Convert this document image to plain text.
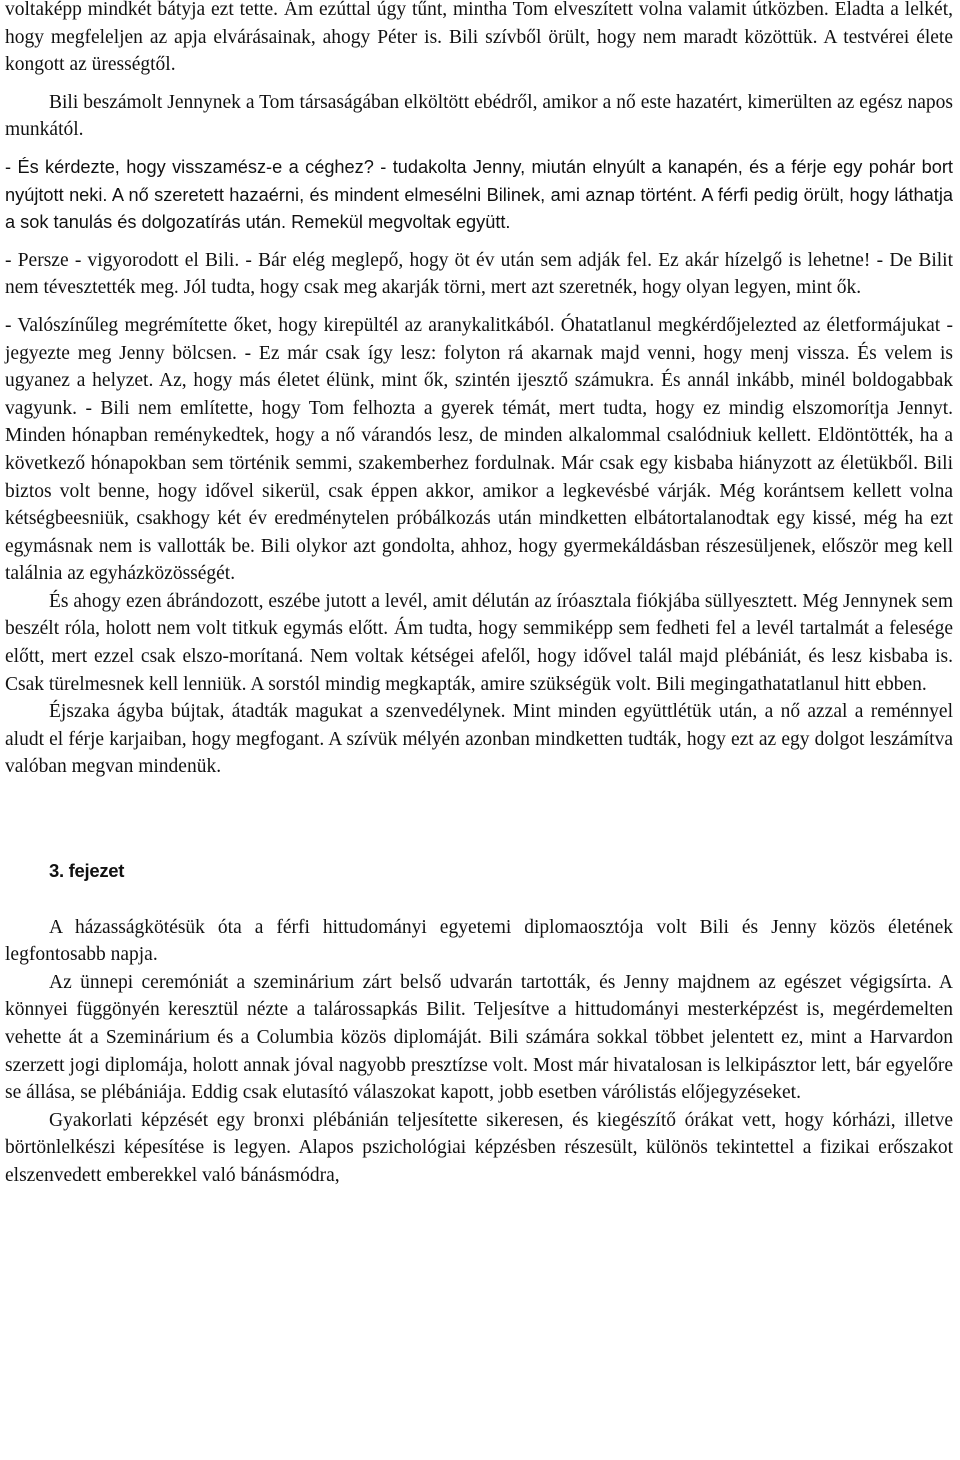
voltaképp mindkét bátyja ezt tette. Ám ezúttal úgy tűnt, mintha Tom elveszített volna valamit útközben. Eladta a lelkét, hogy megfeleljen az apja elvárásainak, ahogy Péter is. Bili szívből örült, hogy nem maradt közöttük. A testvérei élete kongott az ürességtől.

Bili beszámolt Jennynek a Tom társaságában elköltött ebédről, amikor a nő este hazatért, kimerülten az egész napos munkától.

- És kérdezte, hogy visszamész-e a céghez? - tudakolta Jenny, miután elnyúlt a kanapén, és a férje egy pohár bort nyújtott neki. A nő szeretett hazaérni, és mindent elmesélni Bilinek, ami aznap történt. A férfi pedig örült, hogy láthatja a sok tanulás és dolgozatírás után. Remekül megvoltak együtt.

- Persze - vigyorodott el Bili. - Bár elég meglepő, hogy öt év után sem adják fel. Ez akár hízelgő is lehetne! - De Bilit nem tévesztették meg. Jól tudta, hogy csak meg akarják törni, mert azt szeretnék, hogy olyan legyen, mint ők.

- Valószínűleg megrémítette őket, hogy kirepültél az aranykalitkából. Óhatatlanul megkérdőjelezted az életformájukat - jegyezte meg Jenny bölcsen. - Ez már csak így lesz: folyton rá akarnak majd venni, hogy menj vissza. És velem is ugyanez a helyzet. Az, hogy más életet élünk, mint ők, szintén ijesztő számukra. És annál inkább, minél boldogabbak vagyunk. - Bili nem említette, hogy Tom felhozta a gyerek témát, mert tudta, hogy ez mindig elszomorítja Jennyt. Minden hónapban reménykedtek, hogy a nő várandós lesz, de minden alkalommal csalódniuk kellett. Eldöntötték, ha a következő hónapokban sem történik semmi, szakemberhez fordulnak. Már csak egy kisbaba hiányzott az életükből. Bili biztos volt benne, hogy idővel sikerül, csak éppen akkor, amikor a legkevésbé várják. Még korántsem kellett volna kétségbeesniük, csakhogy két év eredménytelen próbálkozás után mindketten elbátortalanodtak egy kissé, még ha ezt egymásnak nem is vallották be. Bili olykor azt gondolta, ahhoz, hogy gyermekáldásban részesüljenek, először meg kell találnia az egyházközösségét.

És ahogy ezen ábrándozott, eszébe jutott a levél, amit délután az íróasztala fiókjába süllyesztett. Még Jennynek sem beszélt róla, holott nem volt titkuk egymás előtt. Ám tudta, hogy semmiképp sem fedheti fel a levél tartalmát a felesége előtt, mert ezzel csak elszo-morítaná. Nem voltak kétségei afelől, hogy idővel talál majd plébániát, és lesz kisbaba is. Csak türelmesnek kell lenniük. A sorstól mindig megkapták, amire szükségük volt. Bili megingathatatlanul hitt ebben.

Éjszaka ágyba bújtak, átadták magukat a szenvedélynek. Mint minden együttlétük után, a nő azzal a reménnyel aludt el férje karjaiban, hogy megfogant. A szívük mélyén azonban mindketten tudták, hogy ezt az egy dolgot leszámítva valóban megvan mindenük.

3. fejezet

A házasságkötésük óta a férfi hittudományi egyetemi diplomaosztója volt Bili és Jenny közös életének legfontosabb napja.

Az ünnepi ceremóniát a szeminárium zárt belső udvarán tartották, és Jenny majdnem az egészet végigsírta. A könnyei függönyén keresztül nézte a talárossapkás Bilit. Teljesítve a hittudományi mesterképzést is, megérdemelten vehette át a Szeminárium és a Columbia közös diplomáját. Bili számára sokkal többet jelentett ez, mint a Harvardon szerzett jogi diplomája, holott annak jóval nagyobb presztízse volt. Most már hivatalosan is lelkipásztor lett, bár egyelőre se állása, se plébániája. Eddig csak elutasító válaszokat kapott, jobb esetben várólistás előjegyzéseket.

Gyakorlati képzését egy bronxi plébánián teljesítette sikeresen, és kiegészítő órákat vett, hogy kórházi, illetve börtönlelkészi képesítése is legyen. Alapos pszichológiai képzésben részesült, különös tekintettel a fizikai erőszakot elszenvedett emberekkel való bánásmódra,
